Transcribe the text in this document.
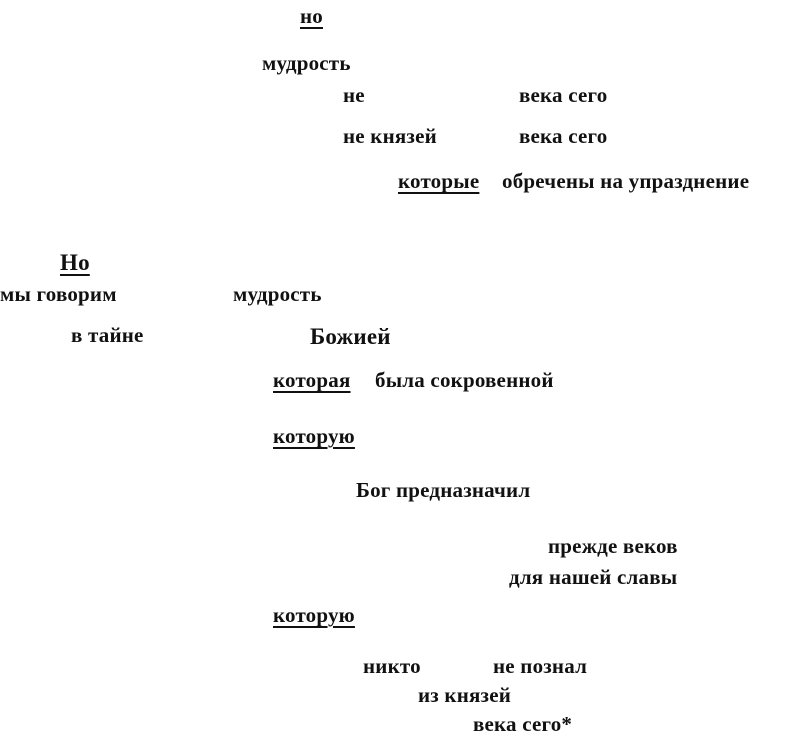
но
мудрость
не	века сего
не князей	века сего
которые обречены на упразднение
Но
мы говорим	мудрость
в тайне	Божией
которая была сокровенной
которую
Бог предназначил
прежде веков
для нашей славы
которую
никто	не познал
из князей
века сего*
